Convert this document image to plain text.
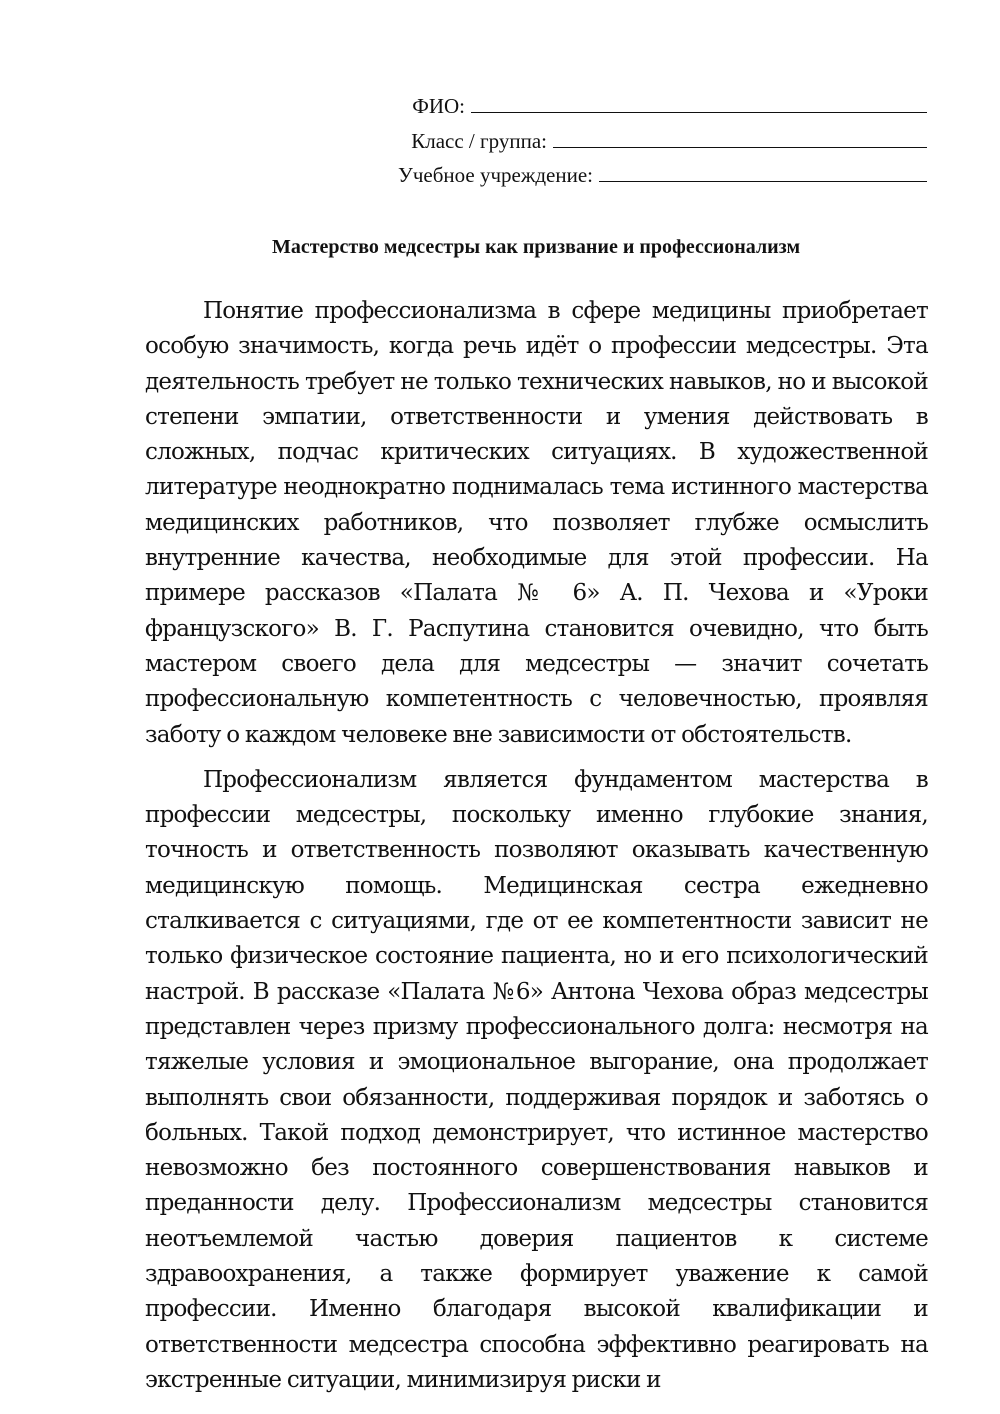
ФИО:
Класс / группа:
Учебное учреждение:
Мастерство медсестры как призвание и профессионализм

Понятие профессионализма в сфере медицины приобретает особую значимость, когда речь идёт о профессии медсестры. Эта деятельность требует не только технических навыков, но и высокой степени эмпатии, ответственности и умения действовать в сложных, подчас критических ситуациях. В художественной литературе неоднократно поднималась тема истинного мастерства медицинских работников, что позволяет глубже осмыслить внутренние качества, необходимые для этой профессии. На примере рассказов «Палата № 6» А. П. Чехова и «Уроки французского» В. Г. Распутина становится очевидно, что быть мастером своего дела для медсестры — значит сочетать профессиональную компетентность с человечностью, проявляя заботу о каждом человеке вне зависимости от обстоятельств.

Профессионализм является фундаментом мастерства в профессии медсестры, поскольку именно глубокие знания, точность и ответственность позволяют оказывать качественную медицинскую помощь. Медицинская сестра ежедневно сталкивается с ситуациями, где от ее компетентности зависит не только физическое состояние пациента, но и его психологический настрой. В рассказе «Палата №6» Антона Чехова образ медсестры представлен через призму профессионального долга: несмотря на тяжелые условия и эмоциональное выгорание, она продолжает выполнять свои обязанности, поддерживая порядок и заботясь о больных. Такой подход демонстрирует, что истинное мастерство невозможно без постоянного совершенствования навыков и преданности делу. Профессионализм медсестры становится неотъемлемой частью доверия пациентов к системе здравоохранения, а также формирует уважение к самой профессии. Именно благодаря высокой квалификации и ответственности медсестра способна эффективно реагировать на экстренные ситуации, минимизируя риски и
